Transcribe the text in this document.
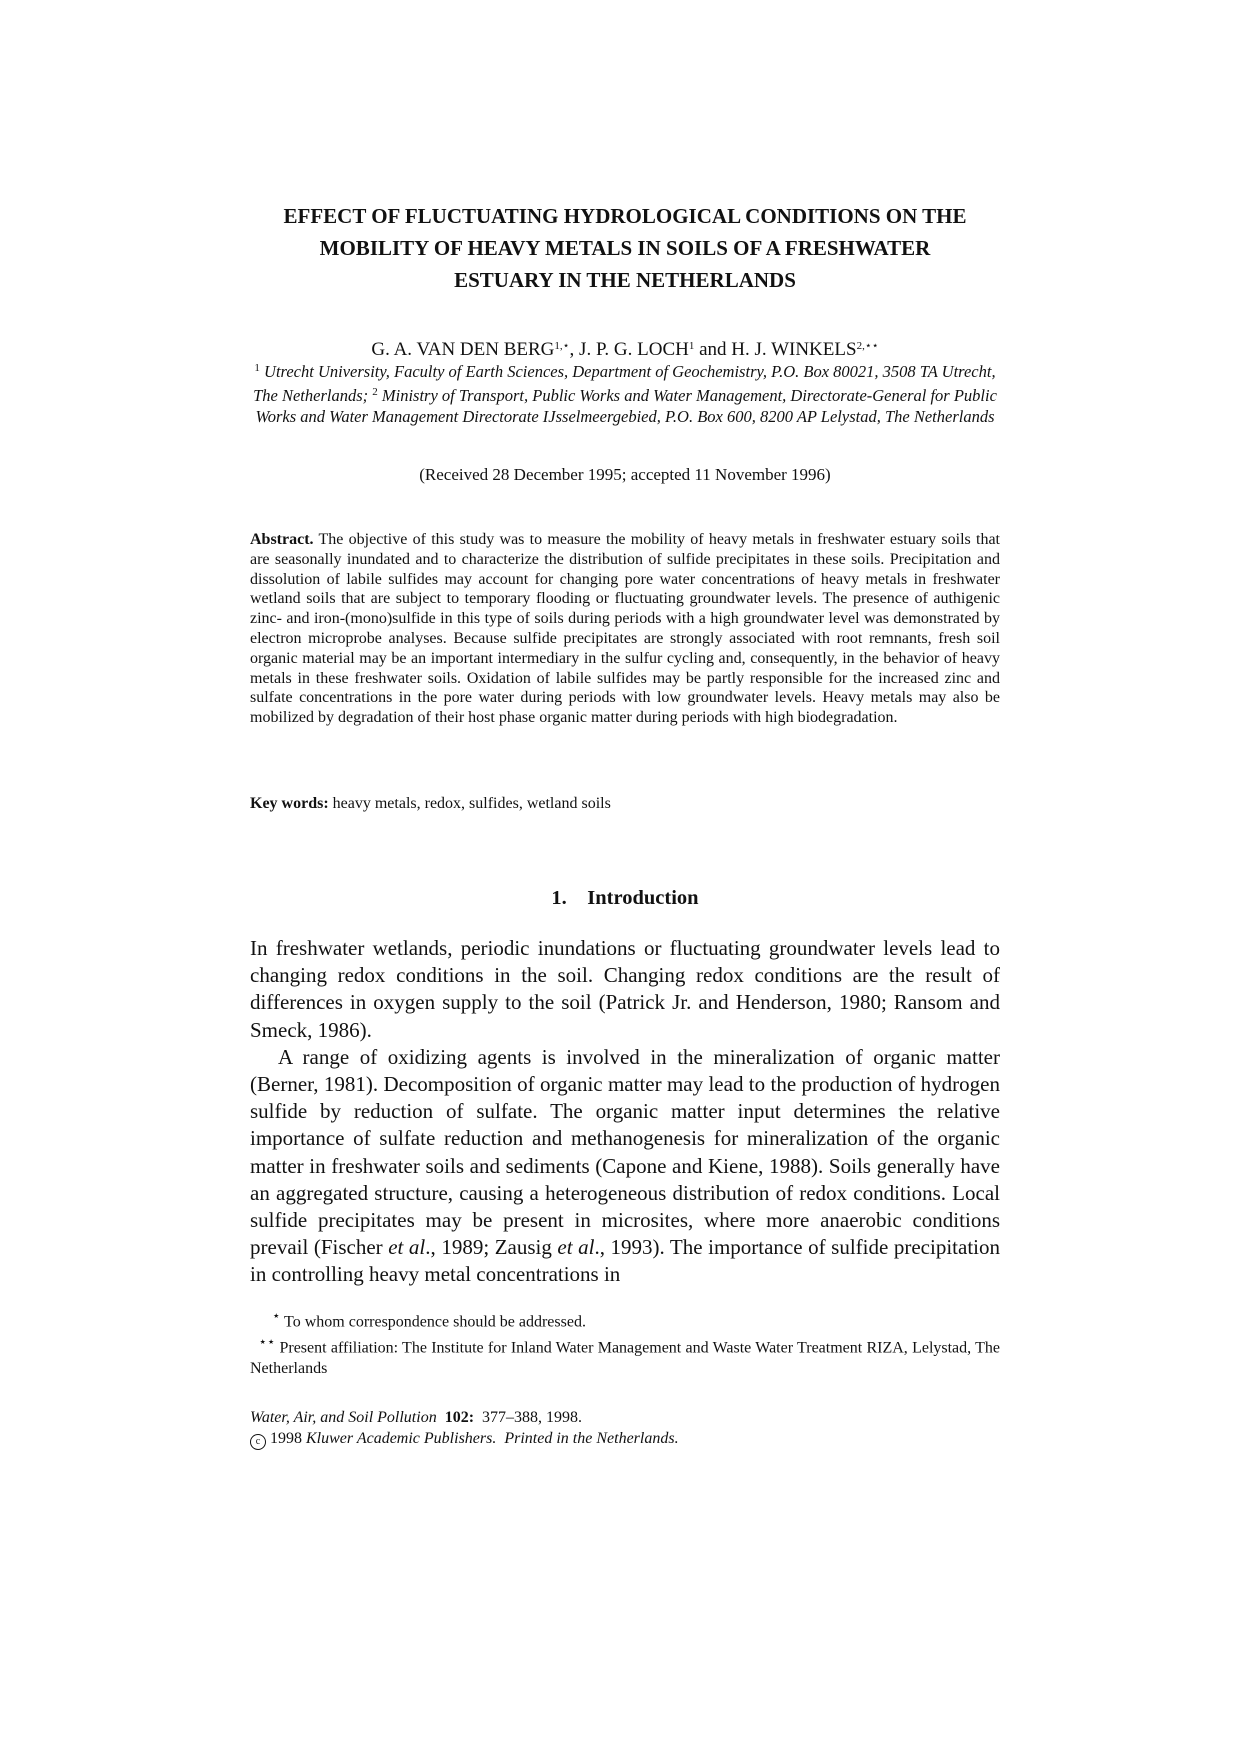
EFFECT OF FLUCTUATING HYDROLOGICAL CONDITIONS ON THE
MOBILITY OF HEAVY METALS IN SOILS OF A FRESHWATER
ESTUARY IN THE NETHERLANDS
G. A. VAN DEN $BERG^{1,⋆}$, J. P. G. LOCH$^1$ and H. J. $WINKELS^{2,⋆⋆}$
$^1$ Utrecht University, Faculty of Earth Sciences, Department of Geochemistry, P.O. Box 80021, 3508 TA Utrecht, The Netherlands; $^2$ Ministry of Transport, Public Works and Water Management, Directorate-General for Public Works and Water Management Directorate IJsselmeergebied, P.O. Box 600, 8200 AP Lelystad, The Netherlands
(Received 28 December 1995; accepted 11 November 1996)
Abstract. The objective of this study was to measure the mobility of heavy metals in freshwater estuary soils that are seasonally inundated and to characterize the distribution of sulfide precipitates in these soils. Precipitation and dissolution of labile sulfides may account for changing pore water concentrations of heavy metals in freshwater wetland soils that are subject to temporary flooding or fluctuating groundwater levels. The presence of authigenic zinc- and iron-(mono)sulfide in this type of soils during periods with a high groundwater level was demonstrated by electron microprobe analyses. Because sulfide precipitates are strongly associated with root remnants, fresh soil organic material may be an important intermediary in the sulfur cycling and, consequently, in the behavior of heavy metals in these freshwater soils. Oxidation of labile sulfides may be partly responsible for the increased zinc and sulfate concentrations in the pore water during periods with low groundwater levels. Heavy metals may also be mobilized by degradation of their host phase organic matter during periods with high biodegradation.
Key words: heavy metals, redox, sulfides, wetland soils
1. Introduction

In freshwater wetlands, periodic inundations or fluctuating groundwater levels lead to changing redox conditions in the soil. Changing redox conditions are the result of differences in oxygen supply to the soil (Patrick Jr. and Henderson, 1980; Ransom and Smeck, 1986).

A range of oxidizing agents is involved in the mineralization of organic matter (Berner, 1981). Decomposition of organic matter may lead to the production of hydrogen sulfide by reduction of sulfate. The organic matter input determines the relative importance of sulfate reduction and methanogenesis for mineralization of the organic matter in freshwater soils and sediments (Capone and Kiene, 1988). Soils generally have an aggregated structure, causing a heterogeneous distribution of redox conditions. Local sulfide precipitates may be present in microsites, where more anaerobic conditions prevail (Fischer et al., 1989; Zausig et al., 1993). The importance of sulfide precipitation in controlling heavy metal concentrations in

⋆ To whom correspondence should be addressed.

⋆⋆ Present affiliation: The Institute for Inland Water Management and Waste Water Treatment RIZA, Lelystad, The Netherlands

Water, Air, and Soil Pollution 102: 377–388, 1998.
c 1998 Kluwer Academic Publishers. Printed in the Netherlands.
